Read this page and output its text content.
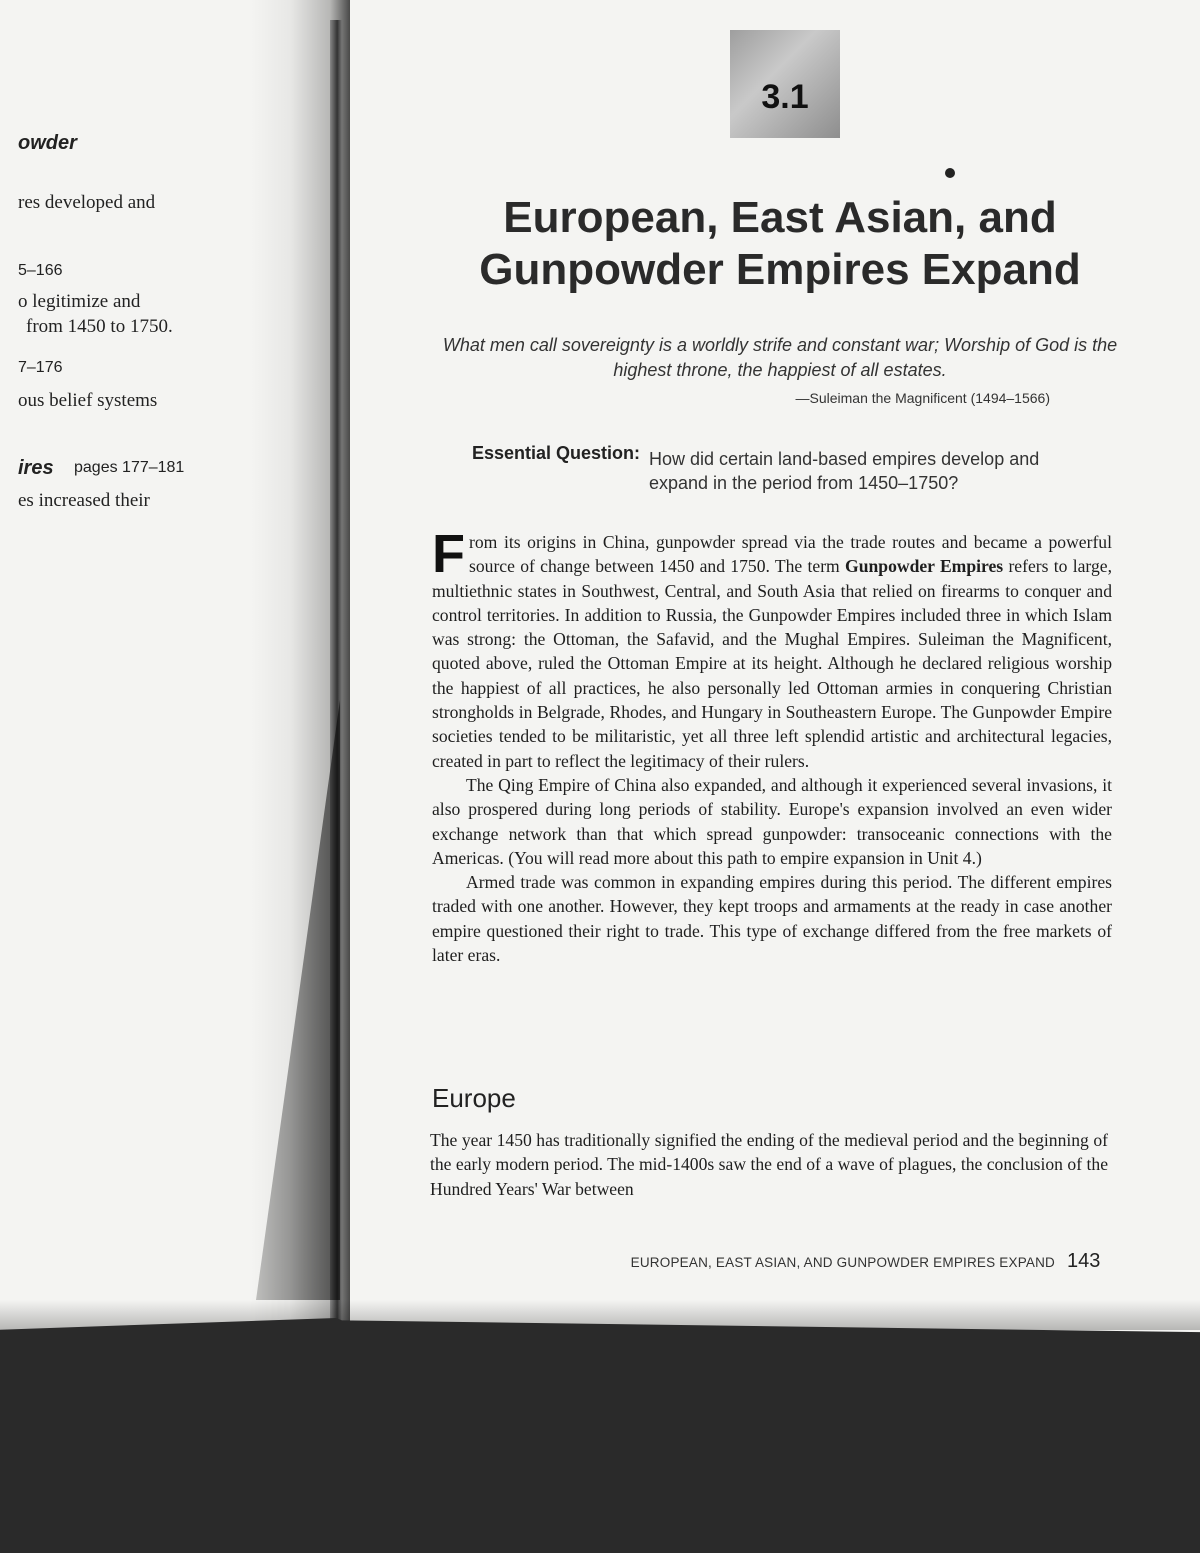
owder
res developed and
5–166
o legitimize and
from 1450 to 1750.
7–176
ous belief systems
ires pages 177–181
es increased their
3.1
European, East Asian, and Gunpowder Empires Expand
What men call sovereignty is a worldly strife and constant war; Worship of God is the highest throne, the happiest of all estates.
—Suleiman the Magnificent (1494–1566)
Essential Question: How did certain land-based empires develop and expand in the period from 1450–1750?

From its origins in China, gunpowder spread via the trade routes and became a powerful source of change between 1450 and 1750. The term Gunpowder Empires refers to large, multiethnic states in Southwest, Central, and South Asia that relied on firearms to conquer and control territories. In addition to Russia, the Gunpowder Empires included three in which Islam was strong: the Ottoman, the Safavid, and the Mughal Empires. Suleiman the Magnificent, quoted above, ruled the Ottoman Empire at its height. Although he declared religious worship the happiest of all practices, he also personally led Ottoman armies in conquering Christian strongholds in Belgrade, Rhodes, and Hungary in Southeastern Europe. The Gunpowder Empire societies tended to be militaristic, yet all three left splendid artistic and architectural legacies, created in part to reflect the legitimacy of their rulers.

The Qing Empire of China also expanded, and although it experienced several invasions, it also prospered during long periods of stability. Europe's expansion involved an even wider exchange network than that which spread gunpowder: transoceanic connections with the Americas. (You will read more about this path to empire expansion in Unit 4.)

Armed trade was common in expanding empires during this period. The different empires traded with one another. However, they kept troops and armaments at the ready in case another empire questioned their right to trade. This type of exchange differed from the free markets of later eras.

Europe

The year 1450 has traditionally signified the ending of the medieval period and the beginning of the early modern period. The mid-1400s saw the end of a wave of plagues, the conclusion of the Hundred Years' War between

EUROPEAN, EAST ASIAN, AND GUNPOWDER EMPIRES EXPAND 143
